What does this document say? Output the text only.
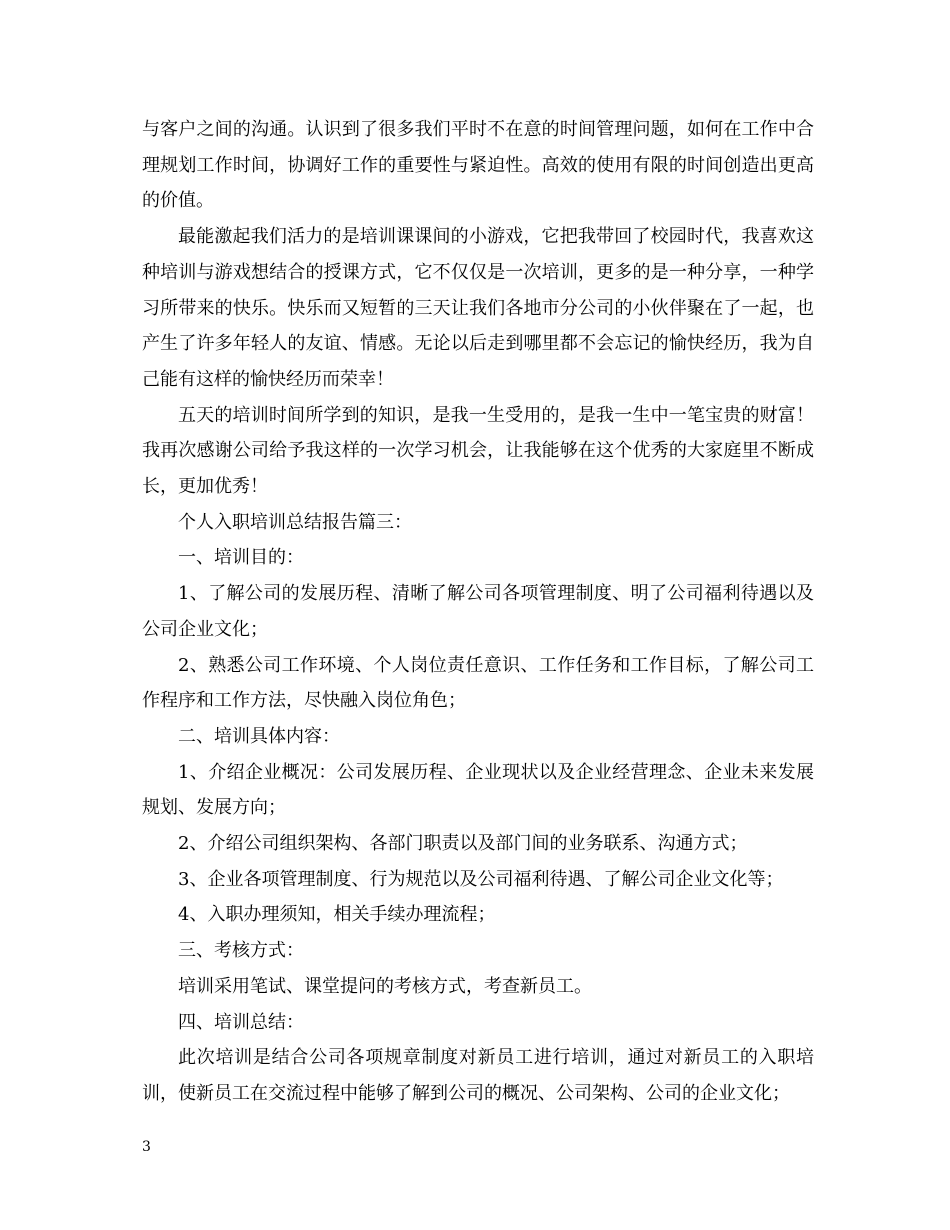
与客户之间的沟通。认识到了很多我们平时不在意的时间管理问题，如何在工作中合理规划工作时间，协调好工作的重要性与紧迫性。高效的使用有限的时间创造出更高的价值。

最能激起我们活力的是培训课课间的小游戏，它把我带回了校园时代，我喜欢这种培训与游戏想结合的授课方式，它不仅仅是一次培训，更多的是一种分享，一种学习所带来的快乐。快乐而又短暂的三天让我们各地市分公司的小伙伴聚在了一起，也产生了许多年轻人的友谊、情感。无论以后走到哪里都不会忘记的愉快经历，我为自己能有这样的愉快经历而荣幸！

五天的培训时间所学到的知识，是我一生受用的，是我一生中一笔宝贵的财富！我再次感谢公司给予我这样的一次学习机会，让我能够在这个优秀的大家庭里不断成长，更加优秀！

个人入职培训总结报告篇三：

一、培训目的：

1、了解公司的发展历程、清晰了解公司各项管理制度、明了公司福利待遇以及公司企业文化；

2、熟悉公司工作环境、个人岗位责任意识、工作任务和工作目标，了解公司工作程序和工作方法，尽快融入岗位角色；

二、培训具体内容：

1、介绍企业概况：公司发展历程、企业现状以及企业经营理念、企业未来发展规划、发展方向；

2、介绍公司组织架构、各部门职责以及部门间的业务联系、沟通方式；

3、企业各项管理制度、行为规范以及公司福利待遇、了解公司企业文化等；

4、入职办理须知，相关手续办理流程；

三、考核方式：

培训采用笔试、课堂提问的考核方式，考查新员工。

四、培训总结：

此次培训是结合公司各项规章制度对新员工进行培训，通过对新员工的入职培训，使新员工在交流过程中能够了解到公司的概况、公司架构、公司的企业文化；

3
